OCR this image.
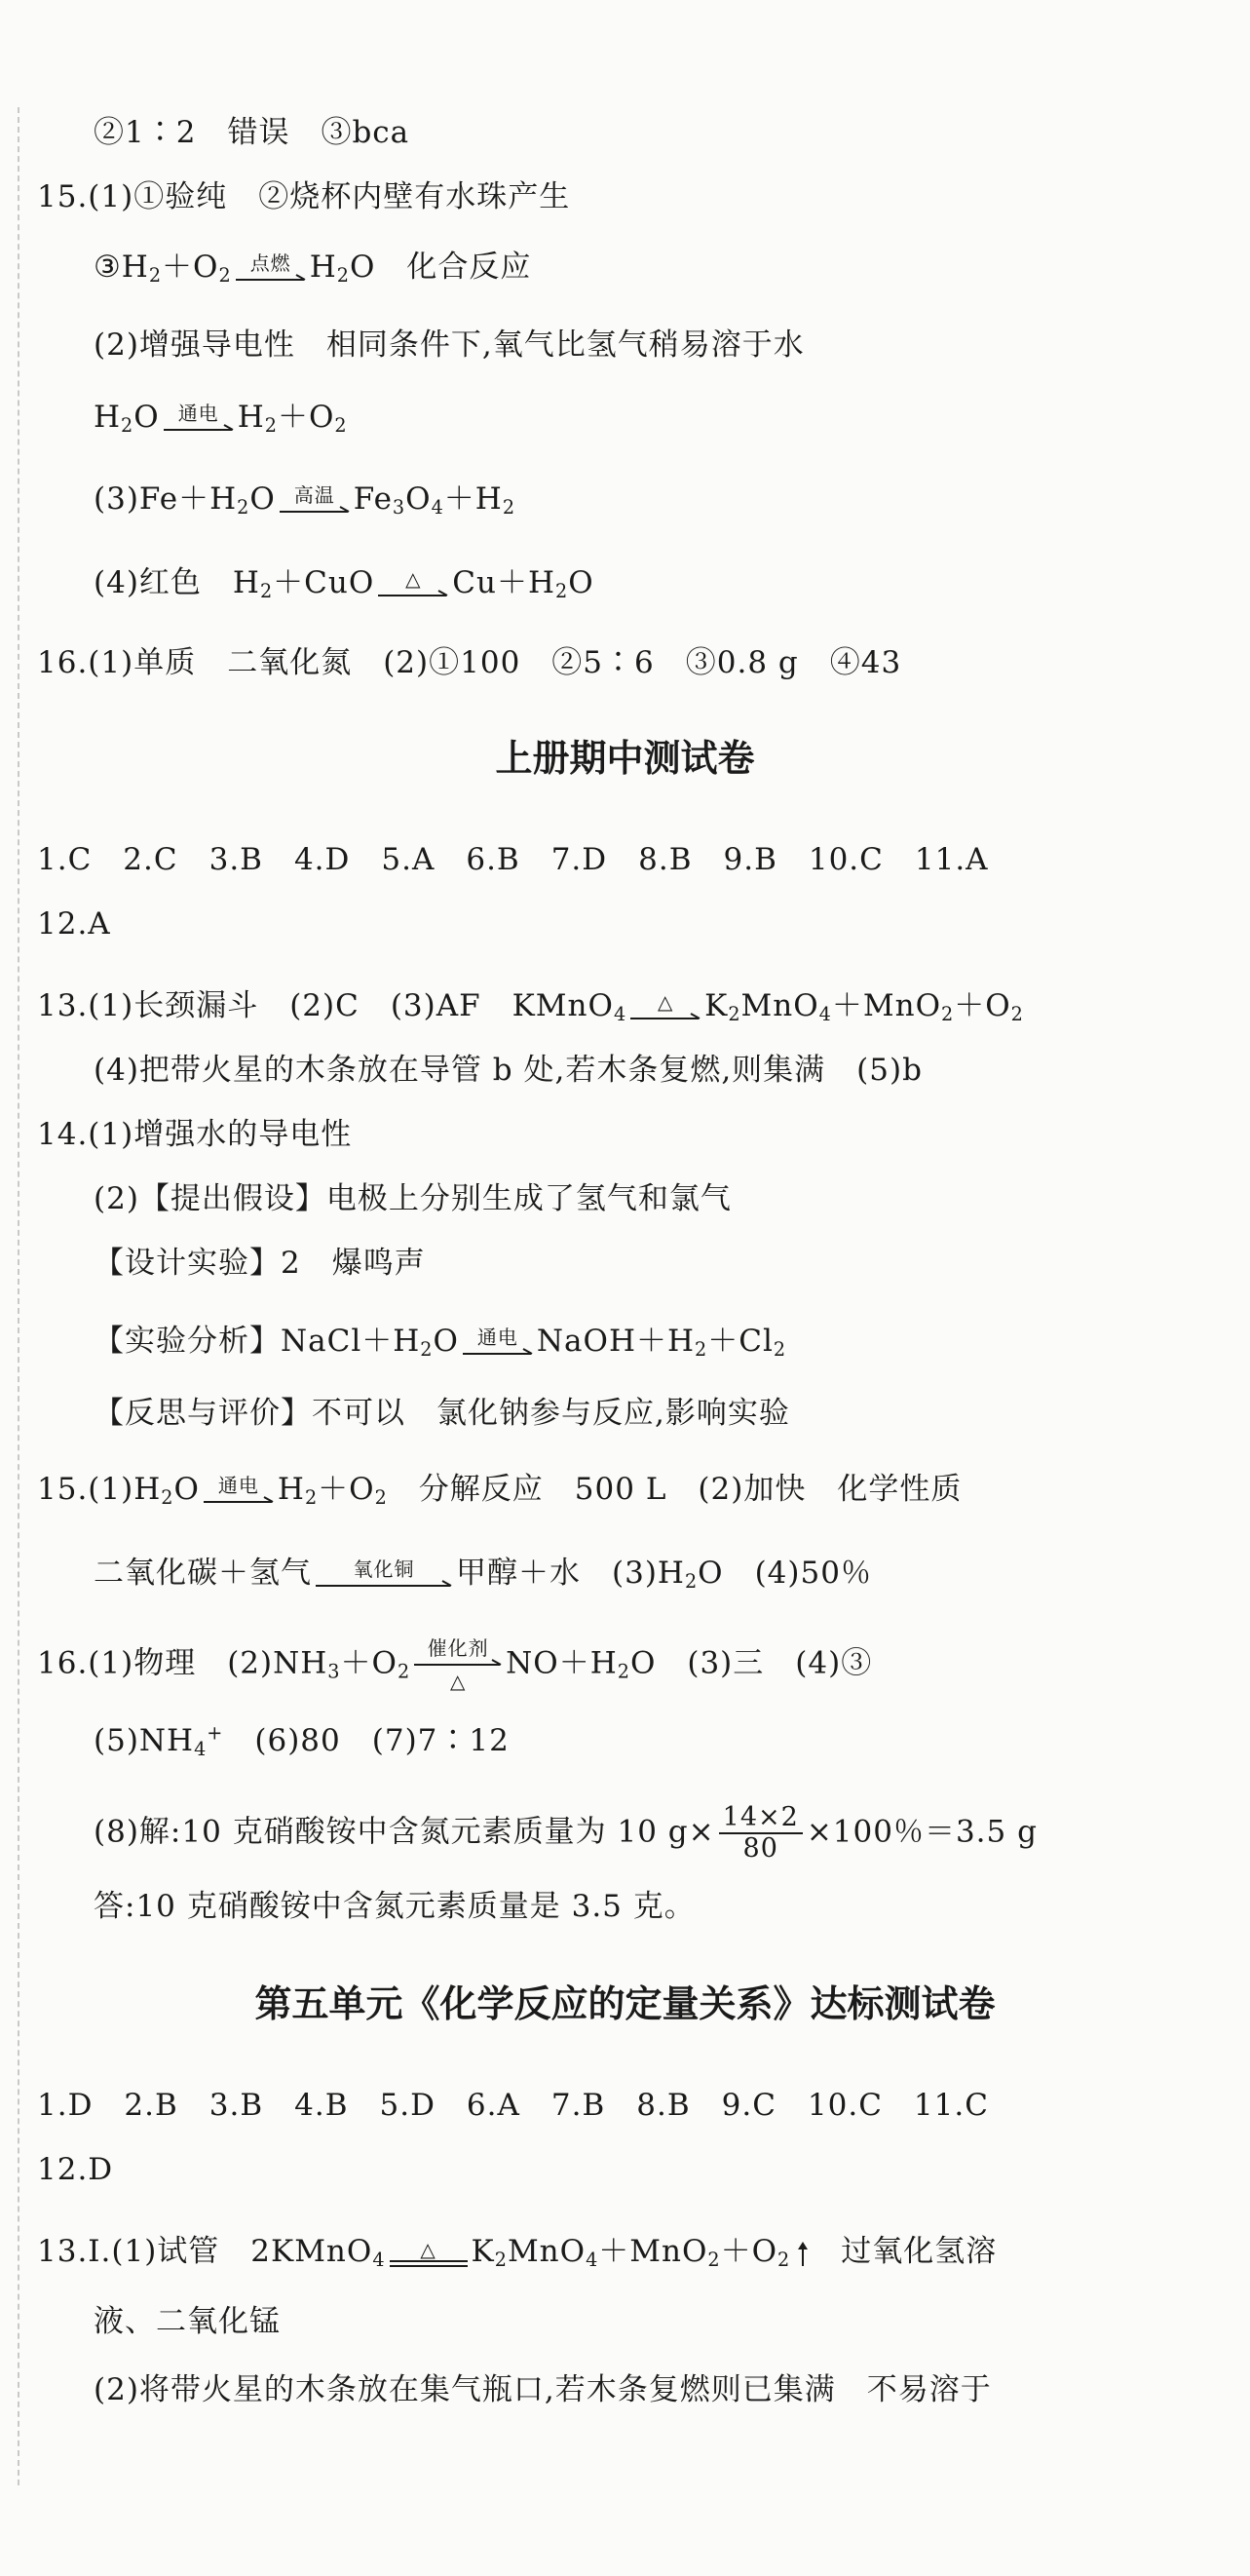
②1∶2　错误　③bca
15.(1)①验纯　②烧杯内壁有水珠产生
$③H_2+O_2$
点燃 $H_2O$　化合反应
(2)增强导电性　相同条件下,氧气比氢气稍易溶于水
$H_2O$ 通电 $H_2+O_2$
$(3)Fe+H_2O$ 高温 $Fe_3O_4+H_2$
(4)红色　$H_2+CuO$	△	$Cu+H_2O$
16.(1)单质　二氧化氮　(2)①100　②5∶6　③0.8 g　④43
上册期中测试卷
1.C　2.C　3.B　4.D　5.A　6.B　7.D　8.B　9.B　10.C　11.A
12.A
13.(1)长颈漏斗　(2)C　(3)AF　KMnO$_4$
△	$K_2MnO_4+MnO_2+O_2$
(4)把带火星的木条放在导管 b 处,若木条复燃,则集满　(5)b
14.(1)增强水的导电性
(2)【提出假设】电极上分别生成了氢气和氯气
【设计实验】2　爆鸣声
【实验分析】$NaCl+H_2O$ 通电 $NaOH+H_2+Cl_2$
【反思与评价】不可以　氯化钠参与反应,影响实验
$15.(1)H_2O$ 通电 $H_2+O_2$　分解反应　500 L　(2)加快　化学性质
二氧化碳＋氢气	氧化铜	甲醇＋水　$(3)H_2O$　(4)50％
16.(1)物理　$(2)NH_3+O_2$
催化剂
△
$NO+H_2O$　(3)三　(4)③
$(5)NH_4^+$　(6)80　(7)7∶12
(8)解:10 克硝酸铵中含氮元素质量为 10 $g\times \frac{14\times 2}{80} \times 100$％＝3.5 g
答:10 克硝酸铵中含氮元素质量是 3.5 克。
第五单元《化学反应的定量关系》达标测试卷
1.D　2.B　3.B　4.B　5.D　6.A　7.B　8.B　9.C　10.C　11.C
12.D
13.Ⅰ.(1)试管　2KMnO$_4$	△	$K_2MnO_4+MnO_2+O_2$　过氧化氢溶
液、二氧化锰
(2)将带火星的木条放在集气瓶口,若木条复燃则已集满　不易溶于
